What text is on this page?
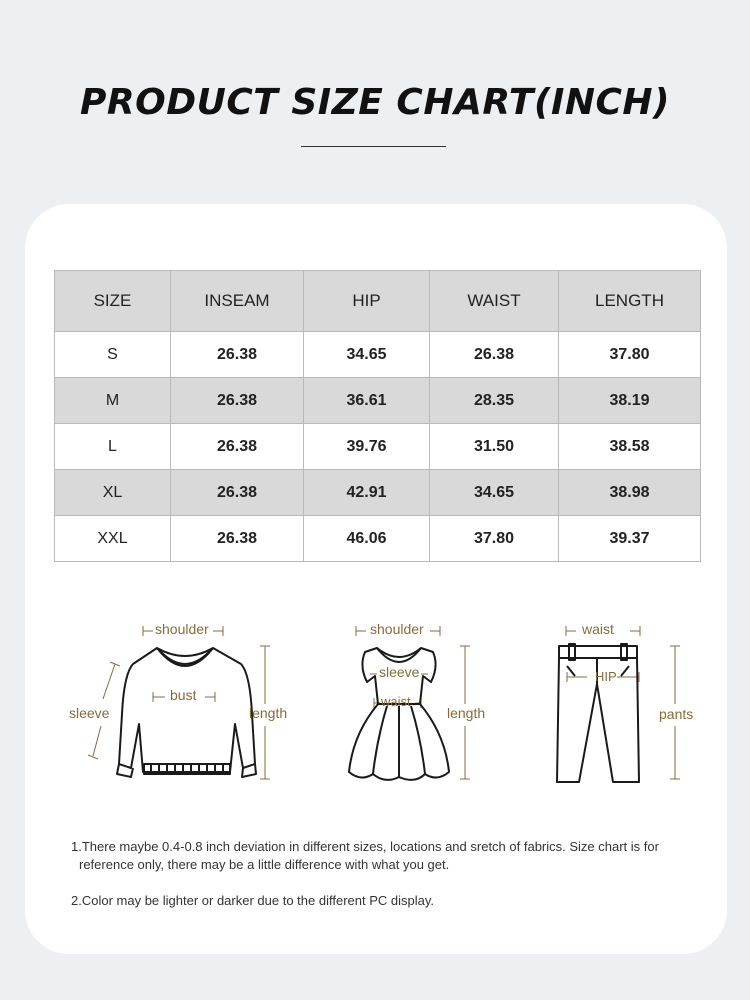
PRODUCT SIZE CHART(INCH)
SIZE	INSEAM	HIP	WAIST	LENGTH
S	26.38	34.65	26.38	37.80
M	26.38	36.61	28.35	38.19
L	26.38	39.76	31.50	38.58
XL	26.38	42.91	34.65	38.98
XXL	26.38	46.06	37.80	39.37
shoulder
bust
sleeve	length
shoulder
sleeve
waist
length
waist
HIP
pants

1.There maybe 0.4-0.8 inch deviation in different sizes, locations and sretch of fabrics. Size chart is for reference only, there may be a little difference with what you get.

2.Color may be lighter or darker due to the different PC display.
